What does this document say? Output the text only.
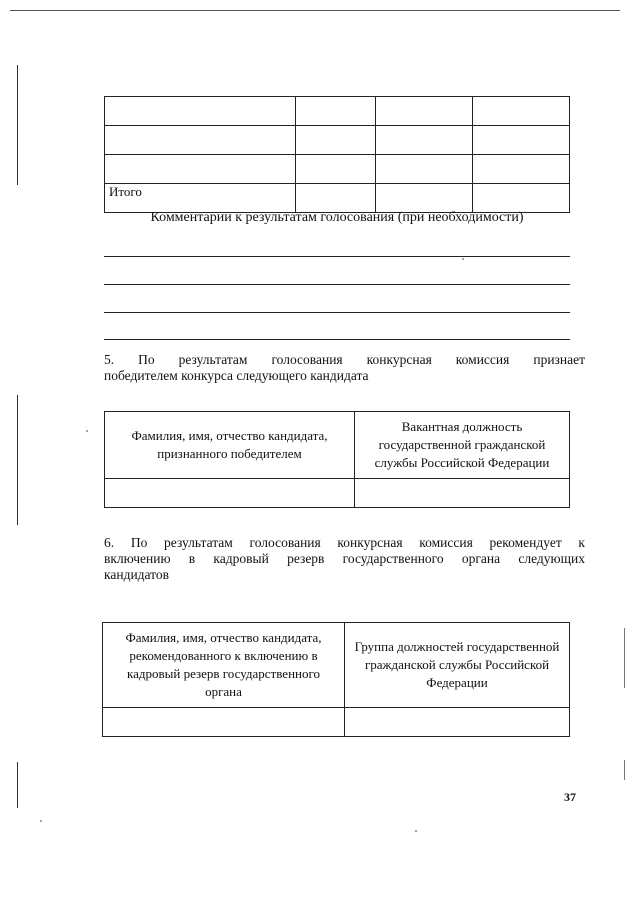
Итого			
Комментарии к результатам голосования (при необходимости)
5. По результатам голосования конкурсная комиссия признает
победителем конкурса следующего кандидата
Фамилия, имя, отчество кандидата, признанного победителем	Вакантная должность государственной гражданской службы Российской Федерации

6. По результатам голосования конкурсная комиссия рекомендует к
включению в кадровый резерв государственного органа следующих
кандидатов
Фамилия, имя, отчество кандидата, рекомендованного к включению в кадровый резерв государственного органа	Группа должностей государственной гражданской службы Российской Федерации

37
